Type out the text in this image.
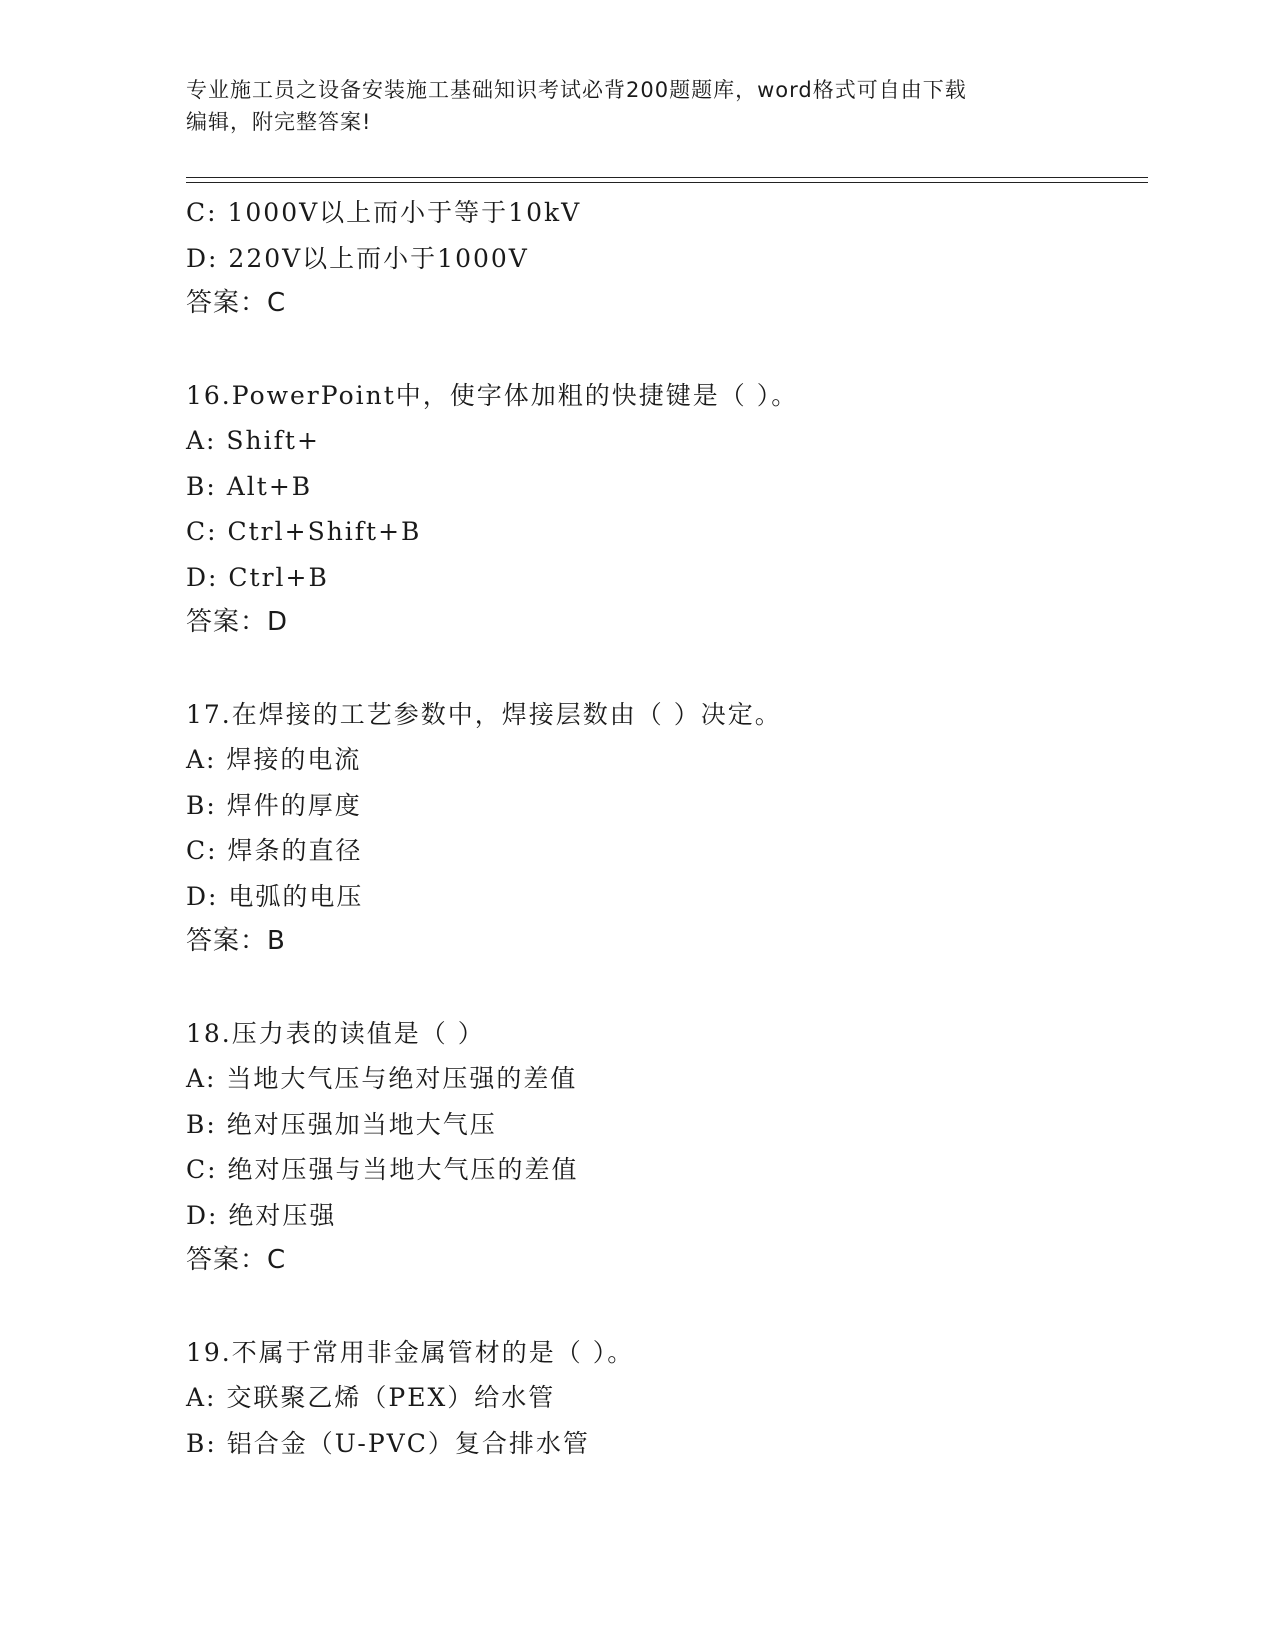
专业施工员之设备安装施工基础知识考试必背200题题库，word格式可自由下载
编辑，附完整答案!
C: 1000V以上而小于等于10kV
D: 220V以上而小于1000V
答案：C
16.PowerPoint中，使字体加粗的快捷键是（ ）。
A: Shift+
B: Alt+B
C: Ctrl+Shift+B
D: Ctrl+B
答案：D
17.在焊接的工艺参数中，焊接层数由（ ）决定。
A: 焊接的电流
B: 焊件的厚度
C: 焊条的直径
D: 电弧的电压
答案：B
18.压力表的读值是（ ）
A: 当地大气压与绝对压强的差值
B: 绝对压强加当地大气压
C: 绝对压强与当地大气压的差值
D: 绝对压强
答案：C
19.不属于常用非金属管材的是（ ）。
A: 交联聚乙烯（PEX）给水管
B: 铝合金（U-PVC）复合排水管
